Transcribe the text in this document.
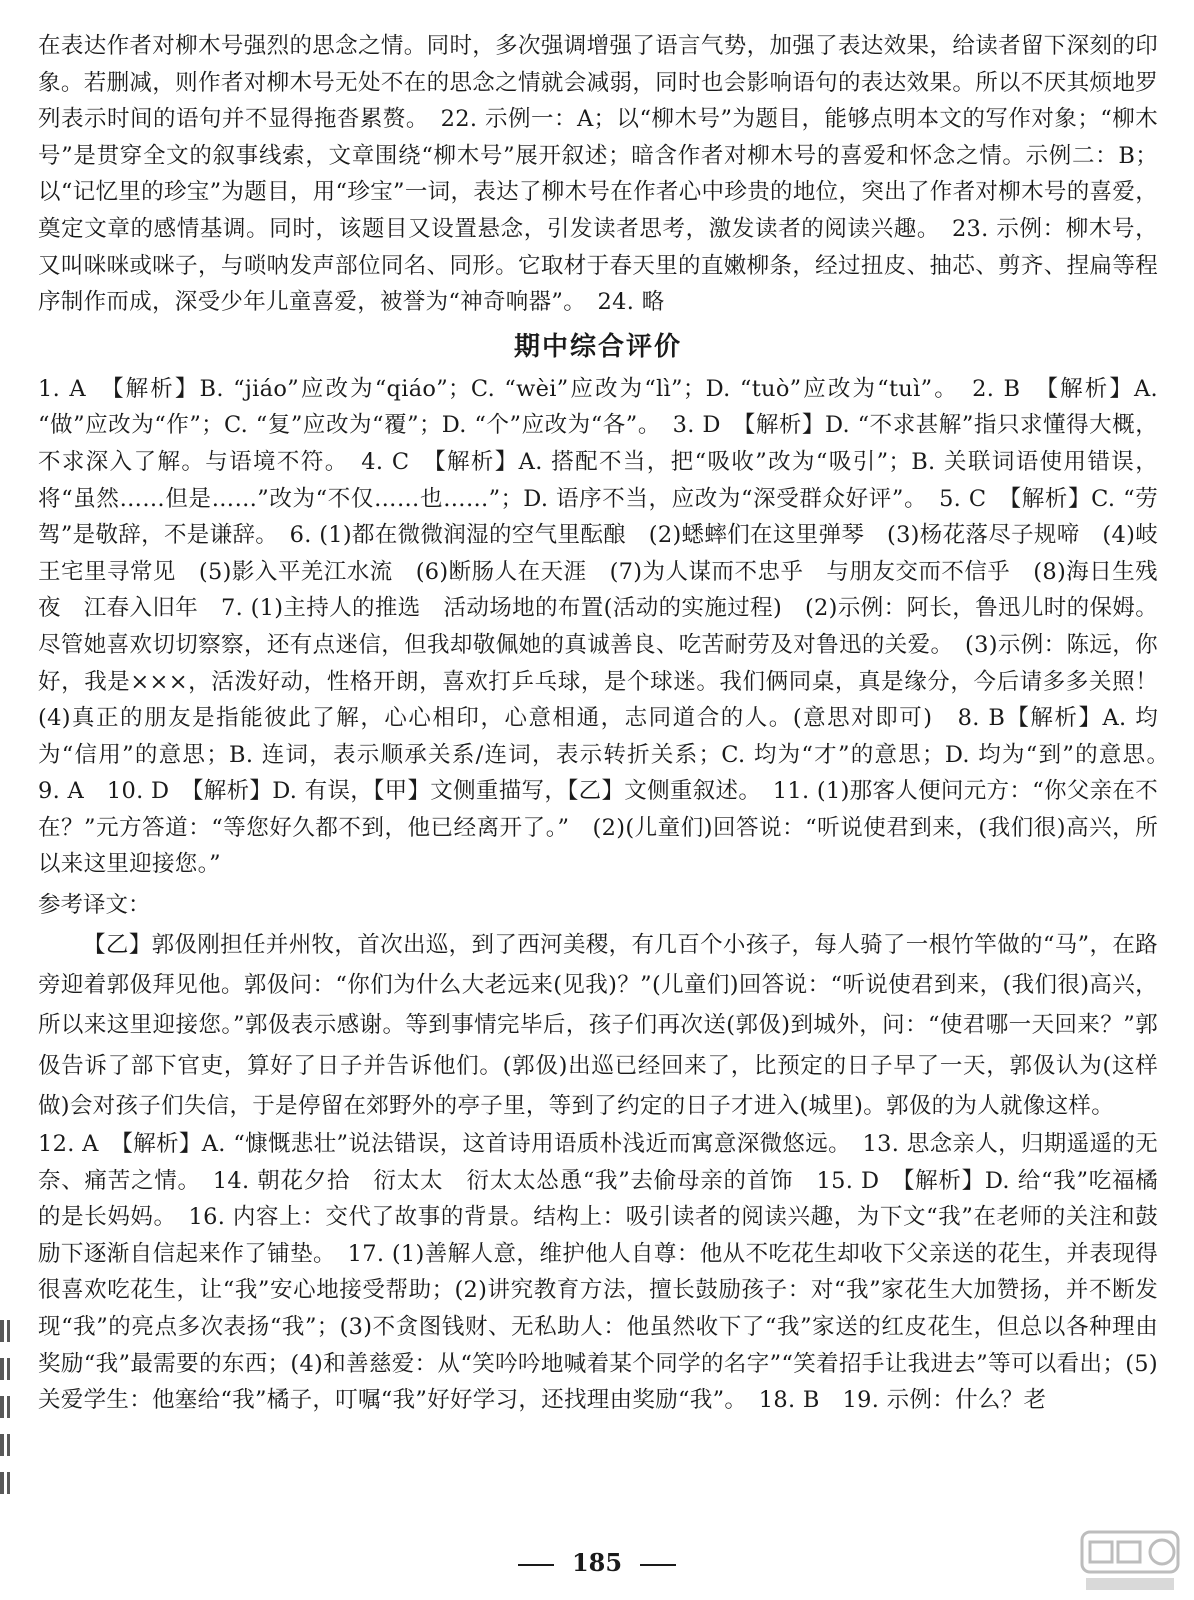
在表达作者对柳木号强烈的思念之情。同时，多次强调增强了语言气势，加强了表达效果，给读者留下深刻的印象。若删减，则作者对柳木号无处不在的思念之情就会减弱，同时也会影响语句的表达效果。所以不厌其烦地罗列表示时间的语句并不显得拖沓累赘。　22. 示例一：A；以“柳木号”为题目，能够点明本文的写作对象；“柳木号”是贯穿全文的叙事线索，文章围绕“柳木号”展开叙述；暗含作者对柳木号的喜爱和怀念之情。示例二：B；以“记忆里的珍宝”为题目，用“珍宝”一词，表达了柳木号在作者心中珍贵的地位，突出了作者对柳木号的喜爱，奠定文章的感情基调。同时，该题目又设置悬念，引发读者思考，激发读者的阅读兴趣。　23. 示例：柳木号，又叫咪咪或咪子，与唢呐发声部位同名、同形。它取材于春天里的直嫩柳条，经过扭皮、抽芯、剪齐、捏扁等程序制作而成，深受少年儿童喜爱，被誉为“神奇响器”。　24. 略

期中综合评价

1. A　【解析】B. “jiáo”应改为“qiáo”；C. “wèi”应改为“lì”；D. “tuò”应改为“tuì”。　2. B　【解析】A. “做”应改为“作”；C. “复”应改为“覆”；D. “个”应改为“各”。　3. D　【解析】D. “不求甚解”指只求懂得大概，不求深入了解。与语境不符。　4. C　【解析】A. 搭配不当，把“吸收”改为“吸引”；B. 关联词语使用错误，将“虽然……但是……”改为“不仅……也……”；D. 语序不当，应改为“深受群众好评”。　5. C　【解析】C. “劳驾”是敬辞，不是谦辞。　6. (1)都在微微润湿的空气里酝酿　(2)蟋蟀们在这里弹琴　(3)杨花落尽子规啼　(4)岐王宅里寻常见　(5)影入平羌江水流　(6)断肠人在天涯　(7)为人谋而不忠乎　与朋友交而不信乎　(8)海日生残夜　江春入旧年　7. (1)主持人的推选　活动场地的布置(活动的实施过程)　(2)示例：阿长，鲁迅儿时的保姆。尽管她喜欢切切察察，还有点迷信，但我却敬佩她的真诚善良、吃苦耐劳及对鲁迅的关爱。　(3)示例：陈远，你好，我是×××，活泼好动，性格开朗，喜欢打乒乓球，是个球迷。我们俩同桌，真是缘分，今后请多多关照！　(4)真正的朋友是指能彼此了解，心心相印，心意相通，志同道合的人。(意思对即可)　8. B【解析】A. 均为“信用”的意思；B. 连词，表示顺承关系/连词，表示转折关系；C. 均为“才”的意思；D. 均为“到”的意思。　9. A　10. D　【解析】D. 有误，【甲】文侧重描写，【乙】文侧重叙述。　11. (1)那客人便问元方：“你父亲在不在？”元方答道：“等您好久都不到，他已经离开了。”　(2)(儿童们)回答说：“听说使君到来，(我们很)高兴，所以来这里迎接您。”

参考译文：

【乙】郭伋刚担任并州牧，首次出巡，到了西河美稷，有几百个小孩子，每人骑了一根竹竿做的“马”，在路旁迎着郭伋拜见他。郭伋问：“你们为什么大老远来(见我)？”(儿童们)回答说：“听说使君到来，(我们很)高兴，所以来这里迎接您。”郭伋表示感谢。等到事情完毕后，孩子们再次送(郭伋)到城外，问：“使君哪一天回来？”郭伋告诉了部下官吏，算好了日子并告诉他们。(郭伋)出巡已经回来了，比预定的日子早了一天，郭伋认为(这样做)会对孩子们失信，于是停留在郊野外的亭子里，等到了约定的日子才进入(城里)。郭伋的为人就像这样。

12. A　【解析】A. “慷慨悲壮”说法错误，这首诗用语质朴浅近而寓意深微悠远。　13. 思念亲人，归期遥遥的无奈、痛苦之情。　14. 朝花夕拾　衍太太　衍太太怂恿“我”去偷母亲的首饰　15. D　【解析】D. 给“我”吃福橘的是长妈妈。　16. 内容上：交代了故事的背景。结构上：吸引读者的阅读兴趣，为下文“我”在老师的关注和鼓励下逐渐自信起来作了铺垫。　17. (1)善解人意，维护他人自尊：他从不吃花生却收下父亲送的花生，并表现得很喜欢吃花生，让“我”安心地接受帮助；(2)讲究教育方法，擅长鼓励孩子：对“我”家花生大加赞扬，并不断发现“我”的亮点多次表扬“我”；(3)不贪图钱财、无私助人：他虽然收下了“我”家送的红皮花生，但总以各种理由奖励“我”最需要的东西；(4)和善慈爱：从“笑吟吟地喊着某个同学的名字”“笑着招手让我进去”等可以看出；(5)关爱学生：他塞给“我”橘子，叮嘱“我”好好学习，还找理由奖励“我”。　18. B　19. 示例：什么？老

185
